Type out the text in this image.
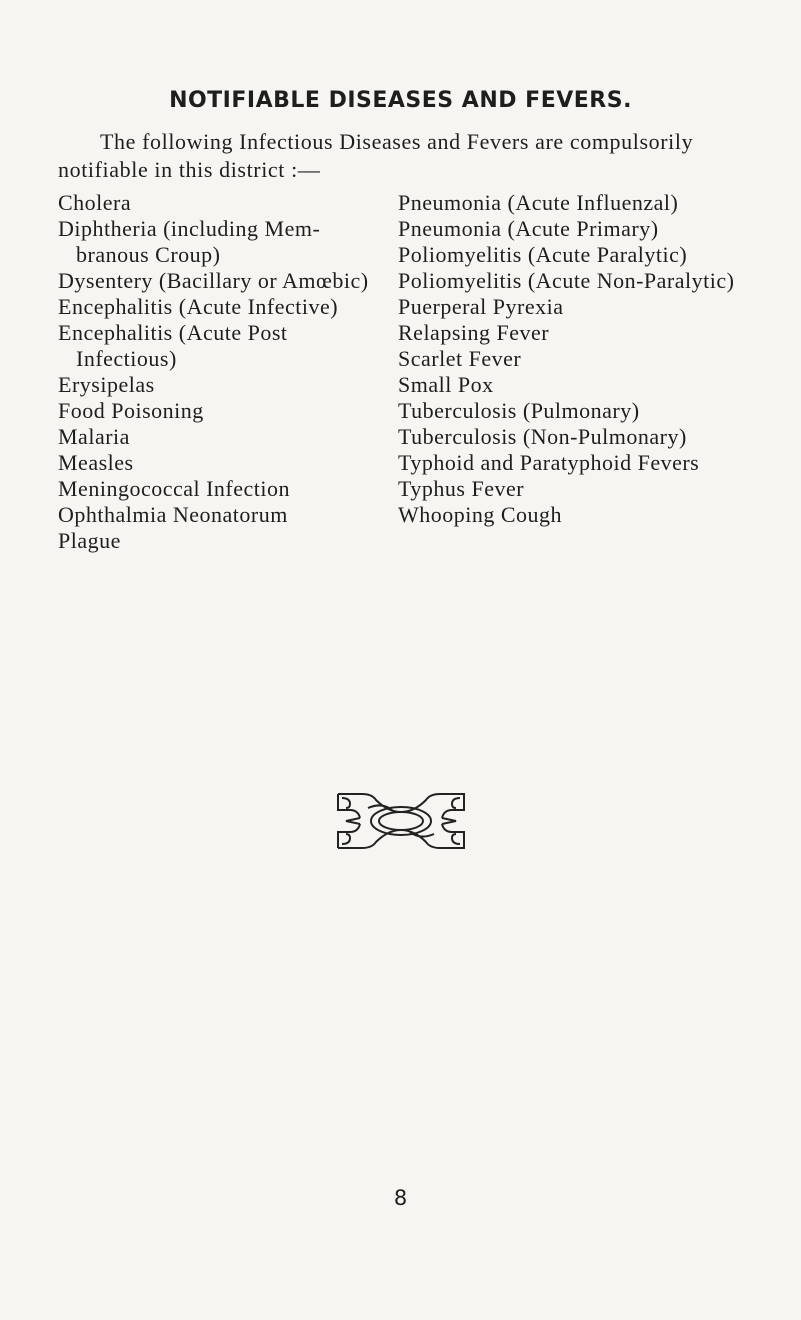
NOTIFIABLE DISEASES AND FEVERS.

The following Infectious Diseases and Fevers are compulsorily notifiable in this district :—

Cholera
Diphtheria (including Mem-
branous Croup)
Dysentery (Bacillary or Amœbic)
Encephalitis (Acute Infective)
Encephalitis (Acute Post
Infectious)
Erysipelas
Food Poisoning
Malaria
Measles
Meningococcal Infection
Ophthalmia Neonatorum
Plague
Pneumonia (Acute Influenzal)
Pneumonia (Acute Primary)
Poliomyelitis (Acute Paralytic)
Poliomyelitis (Acute Non-Paralytic)
Puerperal Pyrexia
Relapsing Fever
Scarlet Fever
Small Pox
Tuberculosis (Pulmonary)
Tuberculosis (Non-Pulmonary)
Typhoid and Paratyphoid Fevers
Typhus Fever
Whooping Cough
8
